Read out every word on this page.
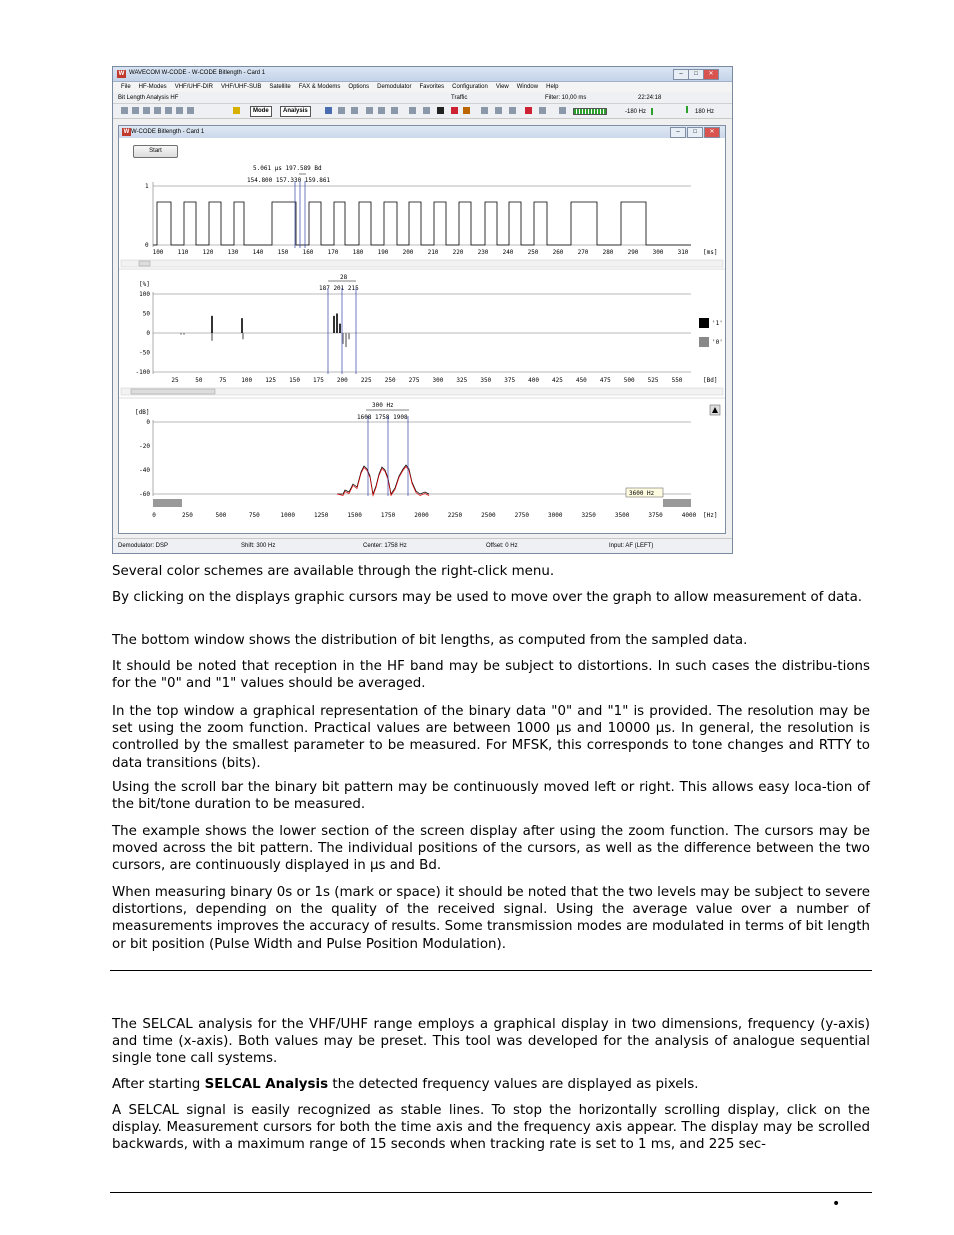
W WAVECOM W-CODE - W-CODE Bitlength - Card 1	–	□	✕
File HF-Modes VHF/UHF-DIR VHF/UHF-SUB Satellite FAX & Modems Options Demodulator Favorites Configuration View Window Help
Bit Length Analysis HF	Traffic	Filter: 10,00 ms	22:24:18
Mode	Analysis	-180 Hz	180 Hz
W W-CODE Bitlength - Card 1	–	□	✕
Start
5.061 µs 197.589 Bd
154.800 157.330 159.861
1
0
100 110 120 130 140 150 160 170 180 190 200 210 220 230 240 250 260 270 280 290 300 310 [ms]
28
187 201 215
[%]
100
50
0
-50
-100
25	50	75 100 125 150 175 200 225 250 275 300 325 350 375 400 425 450 475 500 525 550	[Bd]
'1'
'0'
300 Hz
1608 1758 1908
[dB]
0
-20
-40
-60	3600 Hz
0	250	500	750	1000	1250	1500	1750	2000	2250	2500	2750	3000	3250	3500	3750	4000 [Hz]
Demodulator: DSP	Shift: 300 Hz	Center: 1758 Hz	Offset: 0 Hz	Input: AF (LEFT)
Several color schemes are available through the right-click menu.
By clicking on the displays graphic cursors may be used to move over the graph to allow measurement of data.
The bottom window shows the distribution of bit lengths, as computed from the sampled data.
It should be noted that reception in the HF band may be subject to distortions. In such cases the distribu-tions for the "0" and "1" values should be averaged.
In the top window a graphical representation of the binary data "0" and "1" is provided. The resolution may be set using the zoom function. Practical values are between 1000 µs and 10000 µs. In general, the resolution is controlled by the smallest parameter to be measured. For MFSK, this corresponds to tone changes and RTTY to data transitions (bits).
Using the scroll bar the binary bit pattern may be continuously moved left or right. This allows easy loca-tion of the bit/tone duration to be measured.
The example shows the lower section of the screen display after using the zoom function. The cursors may be moved across the bit pattern. The individual positions of the cursors, as well as the difference between the two cursors, are continuously displayed in µs and Bd.
When measuring binary 0s or 1s (mark or space) it should be noted that the two levels may be subject to severe distortions, depending on the quality of the received signal. Using the average value over a number of measurements improves the accuracy of results. Some transmission modes are modulated in terms of bit length or bit position (Pulse Width and Pulse Position Modulation).
The SELCAL analysis for the VHF/UHF range employs a graphical display in two dimensions, frequency (y-axis) and time (x-axis). Both values may be preset. This tool was developed for the analysis of analogue sequential single tone call systems.
After starting SELCAL Analysis the detected frequency values are displayed as pixels.
A SELCAL signal is easily recognized as stable lines. To stop the horizontally scrolling display, click on the display. Measurement cursors for both the time axis and the frequency axis appear. The display may be scrolled backwards, with a maximum range of 15 seconds when tracking rate is set to 1 ms, and 225 sec-
•
